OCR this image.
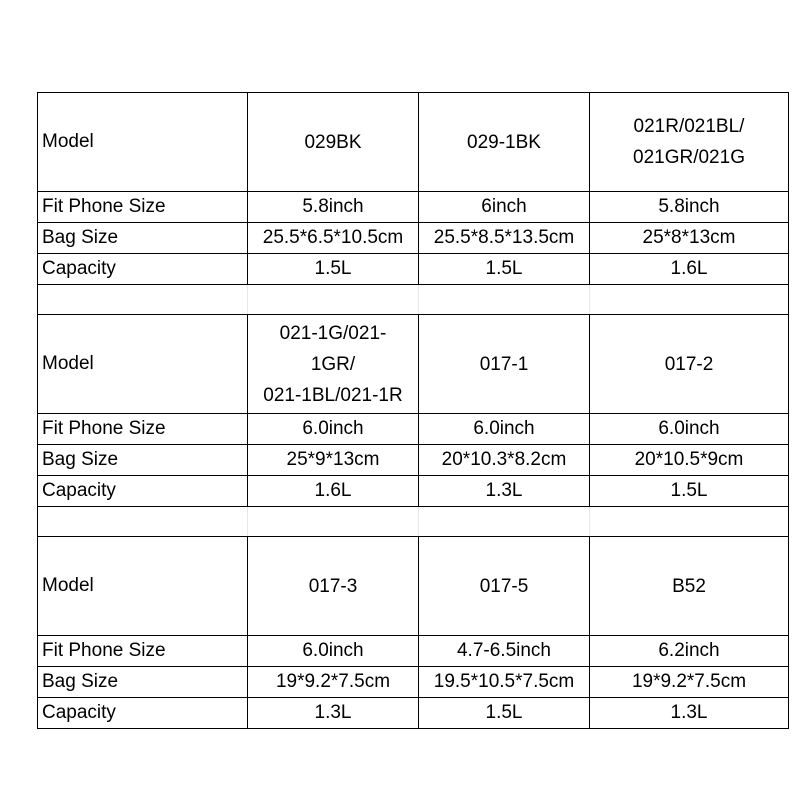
Model	029BK	029-1BK	021R/021BL/
021GR/021G
Fit Phone Size	5.8inch	6inch	5.8inch
Bag Size	25.5*6.5*10.5cm	25.5*8.5*13.5cm	25*8*13cm
Capacity	1.5L	1.5L	1.6L

Model	021-1G/021-
1GR/
021-1BL/021-1R	017-1	017-2
Fit Phone Size	6.0inch	6.0inch	6.0inch
Bag Size	25*9*13cm	20*10.3*8.2cm	20*10.5*9cm
Capacity	1.6L	1.3L	1.5L

Model	017-3	017-5	B52
Fit Phone Size	6.0inch	4.7-6.5inch	6.2inch
Bag Size	19*9.2*7.5cm	19.5*10.5*7.5cm	19*9.2*7.5cm
Capacity	1.3L	1.5L	1.3L
